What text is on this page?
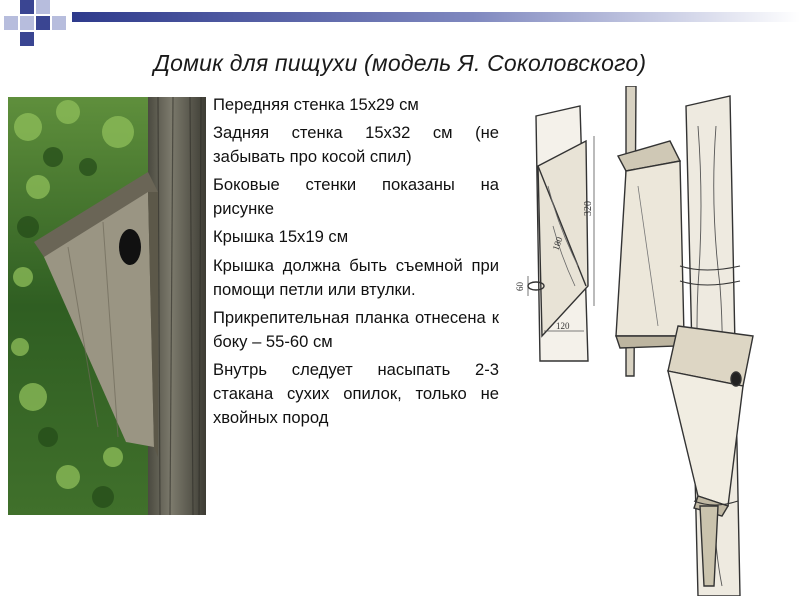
Домик для пищухи (модель Я. Соколовского)
Передняя стенка 15х29 см
Задняя стенка 15х32 см (не забывать про косой спил)
Боковые стенки показаны на рисунке
Крышка 15х19 см
Крышка должна быть съемной при помощи петли или втулки.
Прикрепительная планка отнесена к боку – 55-60 см
Внутрь следует насыпать 2-3 стакана сухих опилок, только не хвойных пород
320
180
60
120
